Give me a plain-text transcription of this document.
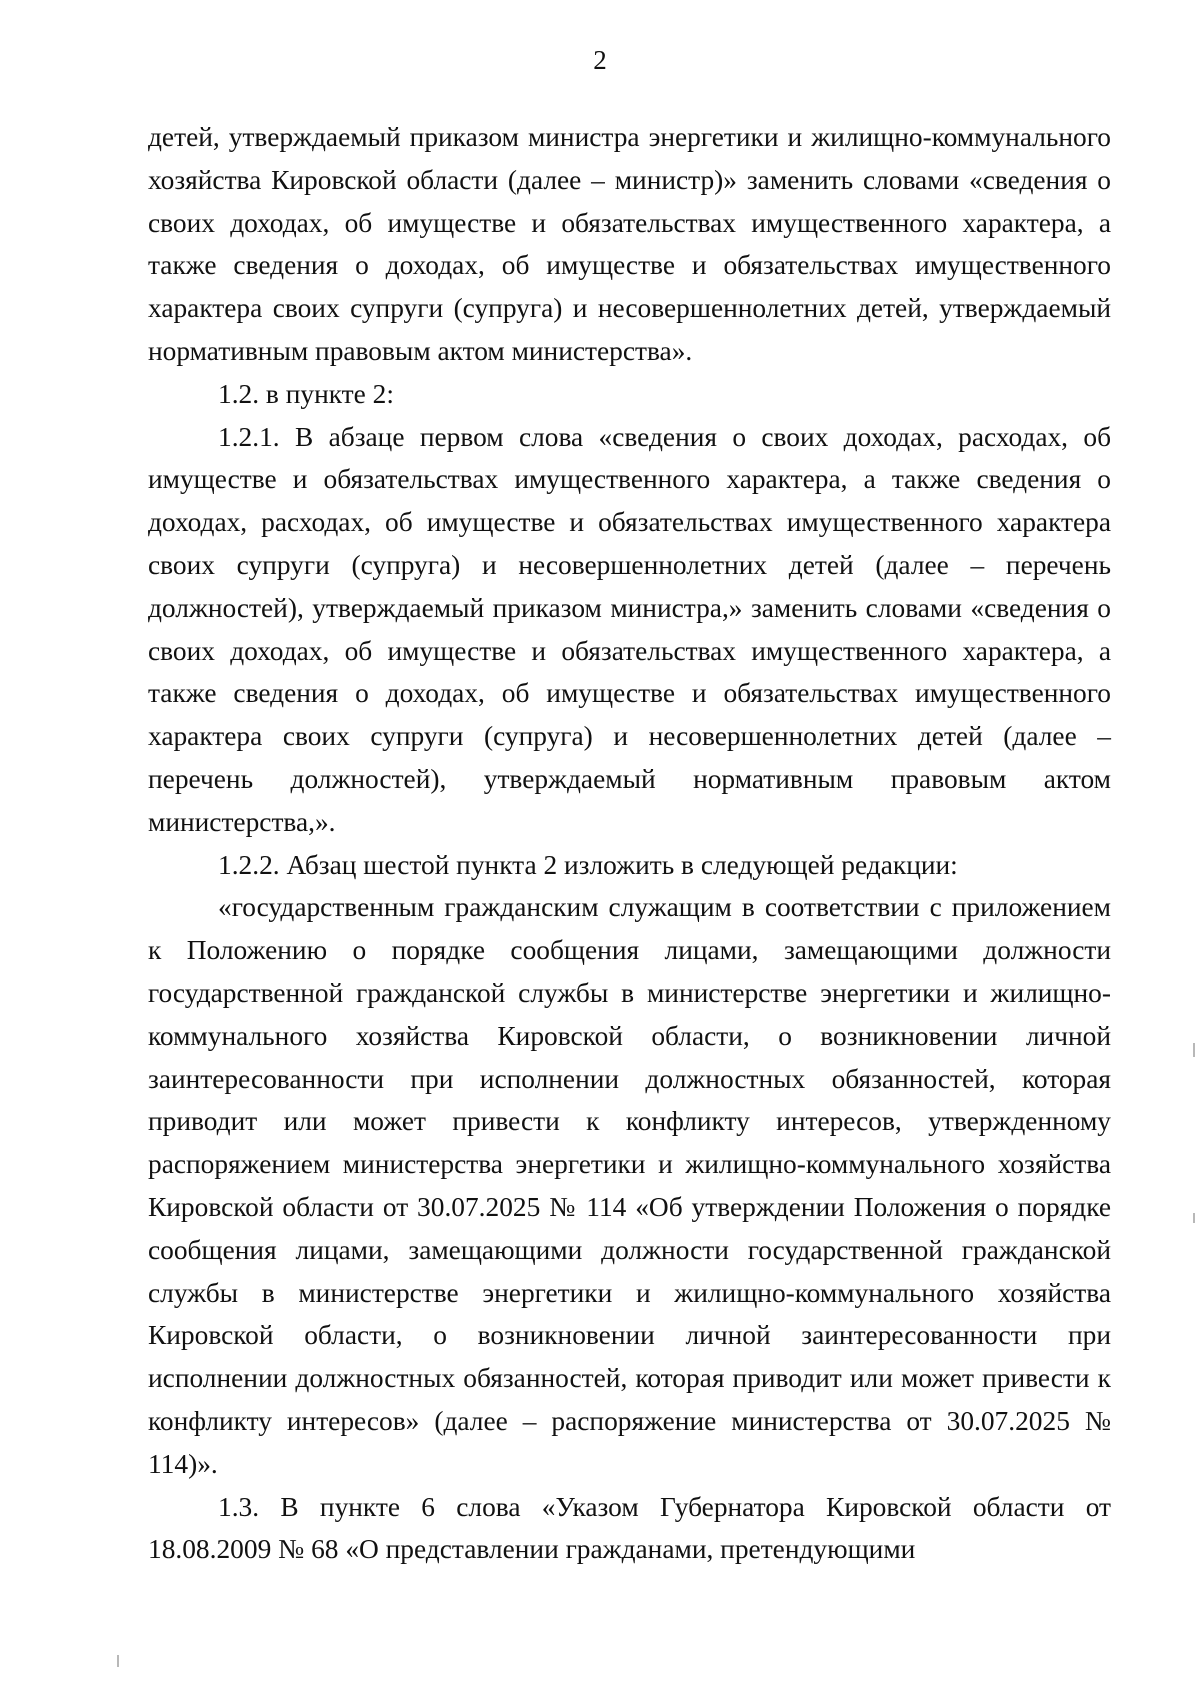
2

детей, утверждаемый приказом министра энергетики и жилищно-коммунального хозяйства Кировской области (далее – министр)» заменить словами «сведения о своих доходах, об имуществе и обязательствах имущественного характера, а также сведения о доходах, об имуществе и обязательствах имущественного характера своих супруги (супруга) и несовершеннолетних детей, утверждаемый нормативным правовым актом министерства».

1.2. в пункте 2:

1.2.1. В абзаце первом слова «сведения о своих доходах, расходах, об имуществе и обязательствах имущественного характера, а также сведения о доходах, расходах, об имуществе и обязательствах имущественного характера своих супруги (супруга) и несовершеннолетних детей (далее – перечень должностей), утверждаемый приказом министра,» заменить словами «сведения о своих доходах, об имуществе и обязательствах имущественного характера, а также сведения о доходах, об имуществе и обязательствах имущественного характера своих супруги (супруга) и несовершеннолетних детей (далее – перечень должностей), утверждаемый нормативным правовым актом министерства,».

1.2.2. Абзац шестой пункта 2 изложить в следующей редакции:

«государственным гражданским служащим в соответствии с приложением к Положению о порядке сообщения лицами, замещающими должности государственной гражданской службы в министерстве энергетики и жилищно-коммунального хозяйства Кировской области, о возникновении личной заинтересованности при исполнении должностных обязанностей, которая приводит или может привести к конфликту интересов, утвержденному распоряжением министерства энергетики и жилищно-коммунального хозяйства Кировской области от 30.07.2025 № 114 «Об утверждении Положения о порядке сообщения лицами, замещающими должности государственной гражданской службы в министерстве энергетики и жилищно-коммунального хозяйства Кировской области, о возникновении личной заинтересованности при исполнении должностных обязанностей, которая приводит или может привести к конфликту интересов» (далее – распоряжение министерства от 30.07.2025 № 114)».

1.3. В пункте 6 слова «Указом Губернатора Кировской области от 18.08.2009 № 68 «О представлении гражданами, претендующими
